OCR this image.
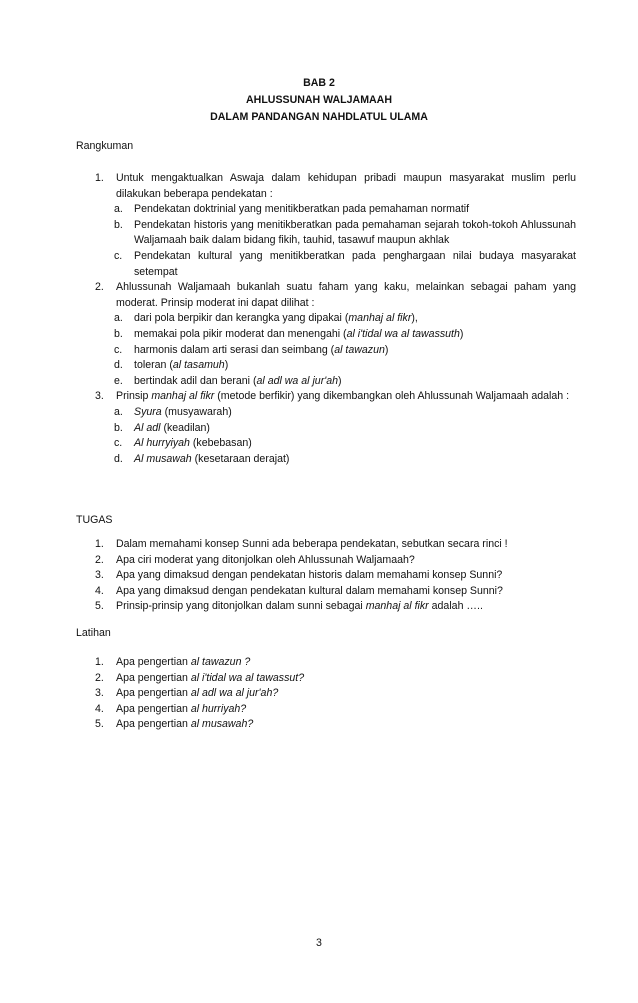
BAB 2
AHLUSSUNAH WALJAMAAH
DALAM PANDANGAN NAHDLATUL ULAMA
Rangkuman
1. Untuk mengaktualkan Aswaja dalam kehidupan pribadi maupun masyarakat muslim perlu dilakukan beberapa pendekatan :
a. Pendekatan doktrinial yang menitikberatkan pada pemahaman normatif
b. Pendekatan historis yang menitikberatkan pada pemahaman sejarah tokoh-tokoh Ahlussunah Waljamaah baik dalam bidang fikih, tauhid, tasawuf maupun akhlak
c. Pendekatan kultural yang menitikberatkan pada penghargaan nilai budaya masyarakat setempat
2. Ahlussunah Waljamaah bukanlah suatu faham yang kaku, melainkan sebagai paham yang moderat. Prinsip moderat ini dapat dilihat :
a. dari pola berpikir dan kerangka yang dipakai (manhaj al fikr),
b. memakai pola pikir moderat dan menengahi (al i'tidal wa al tawassuth)
c. harmonis dalam arti serasi dan seimbang (al tawazun)
d. toleran (al tasamuh)
e. bertindak adil dan berani (al adl wa al jur'ah)
3. Prinsip manhaj al fikr (metode berfikir) yang dikembangkan oleh Ahlussunah Waljamaah adalah :
a. Syura (musyawarah)
b. Al adl (keadilan)
c. Al hurryiyah (kebebasan)
d. Al musawah (kesetaraan derajat)
TUGAS
1. Dalam memahami konsep Sunni ada beberapa pendekatan, sebutkan secara rinci !
2. Apa ciri moderat yang ditonjolkan oleh Ahlussunah Waljamaah?
3. Apa yang dimaksud dengan pendekatan historis dalam memahami konsep Sunni?
4. Apa yang dimaksud dengan pendekatan kultural dalam memahami konsep Sunni?
5. Prinsip-prinsip yang ditonjolkan dalam sunni sebagai manhaj al fikr adalah …..
Latihan
1. Apa pengertian al tawazun ?
2. Apa pengertian al i'tidal wa al tawassut?
3. Apa pengertian al adl wa al jur'ah?
4. Apa pengertian al hurriyah?
5. Apa pengertian al musawah?
3
